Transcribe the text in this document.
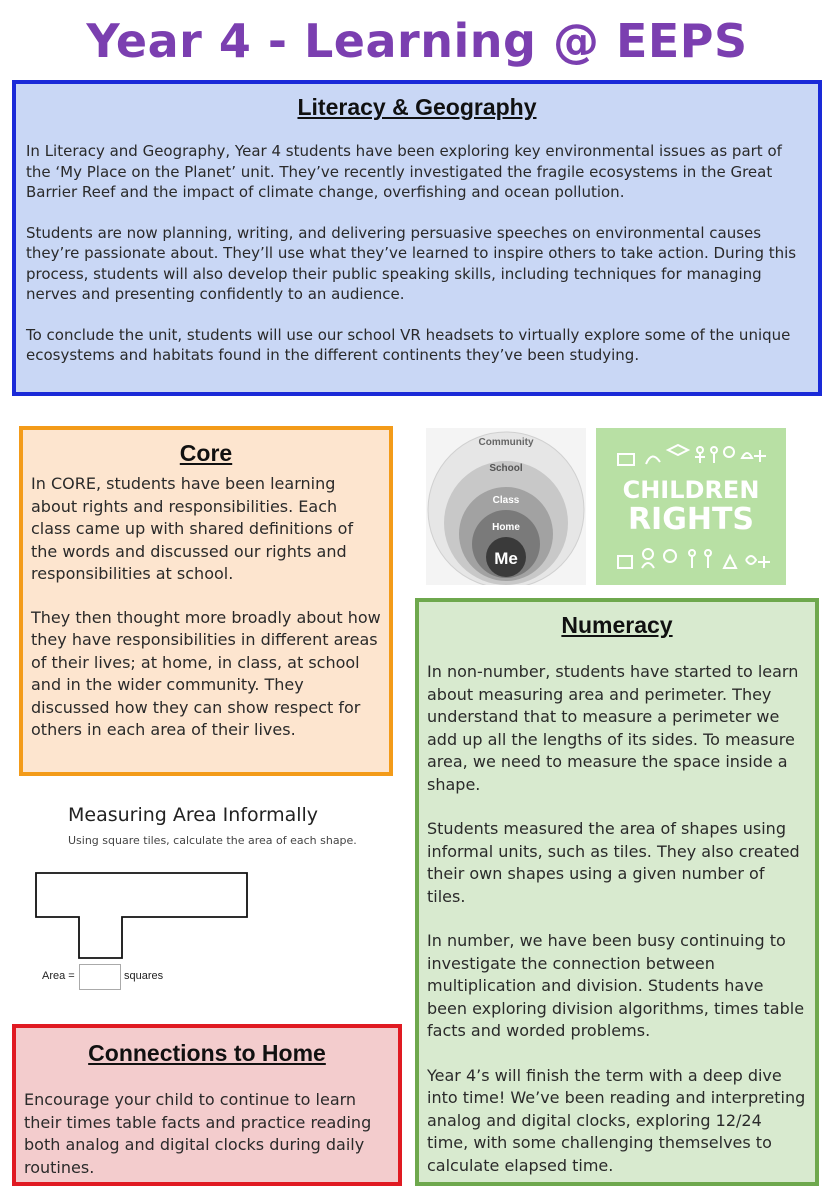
Year 4 - Learning @ EEPS
Literacy & Geography

In Literacy and Geography, Year 4 students have been exploring key environmental issues as part of the ‘My Place on the Planet’ unit. They’ve recently investigated the fragile ecosystems in the Great Barrier Reef and the impact of climate change, overfishing and ocean pollution.

Students are now planning, writing, and delivering persuasive speeches on environmental causes they’re passionate about. They’ll use what they’ve learned to inspire others to take action. During this process, students will also develop their public speaking skills, including techniques for managing nerves and presenting confidently to an audience.

To conclude the unit, students will use our school VR headsets to virtually explore some of the unique ecosystems and habitats found in the different continents they’ve been studying.

Core

In CORE, students have been learning about rights and responsibilities. Each class came up with shared definitions of the words and discussed our rights and responsibilities at school.

They then thought more broadly about how they have responsibilities in different areas of their lives; at home, in class, at school and in the wider community. They discussed how they can show respect for others in each area of their lives.

Community
School
Class
Home
Me
CHILDREN
RIGHTS
Measuring Area Informally
Using square tiles, calculate the area of each shape.
Area =	squares
Numeracy

In non-number, students have started to learn about measuring area and perimeter. They understand that to measure a perimeter we add up all the lengths of its sides. To measure area, we need to measure the space inside a shape.

Students measured the area of shapes using informal units, such as tiles. They also created their own shapes using a given number of tiles.

In number, we have been busy continuing to investigate the connection between multiplication and division. Students have been exploring division algorithms, times table facts and worded problems.

Year 4’s will finish the term with a deep dive into time! We’ve been reading and interpreting analog and digital clocks, exploring 12/24 time, with some challenging themselves to calculate elapsed time.

Connections to Home

Encourage your child to continue to learn their times table facts and practice reading both analog and digital clocks during daily routines.
